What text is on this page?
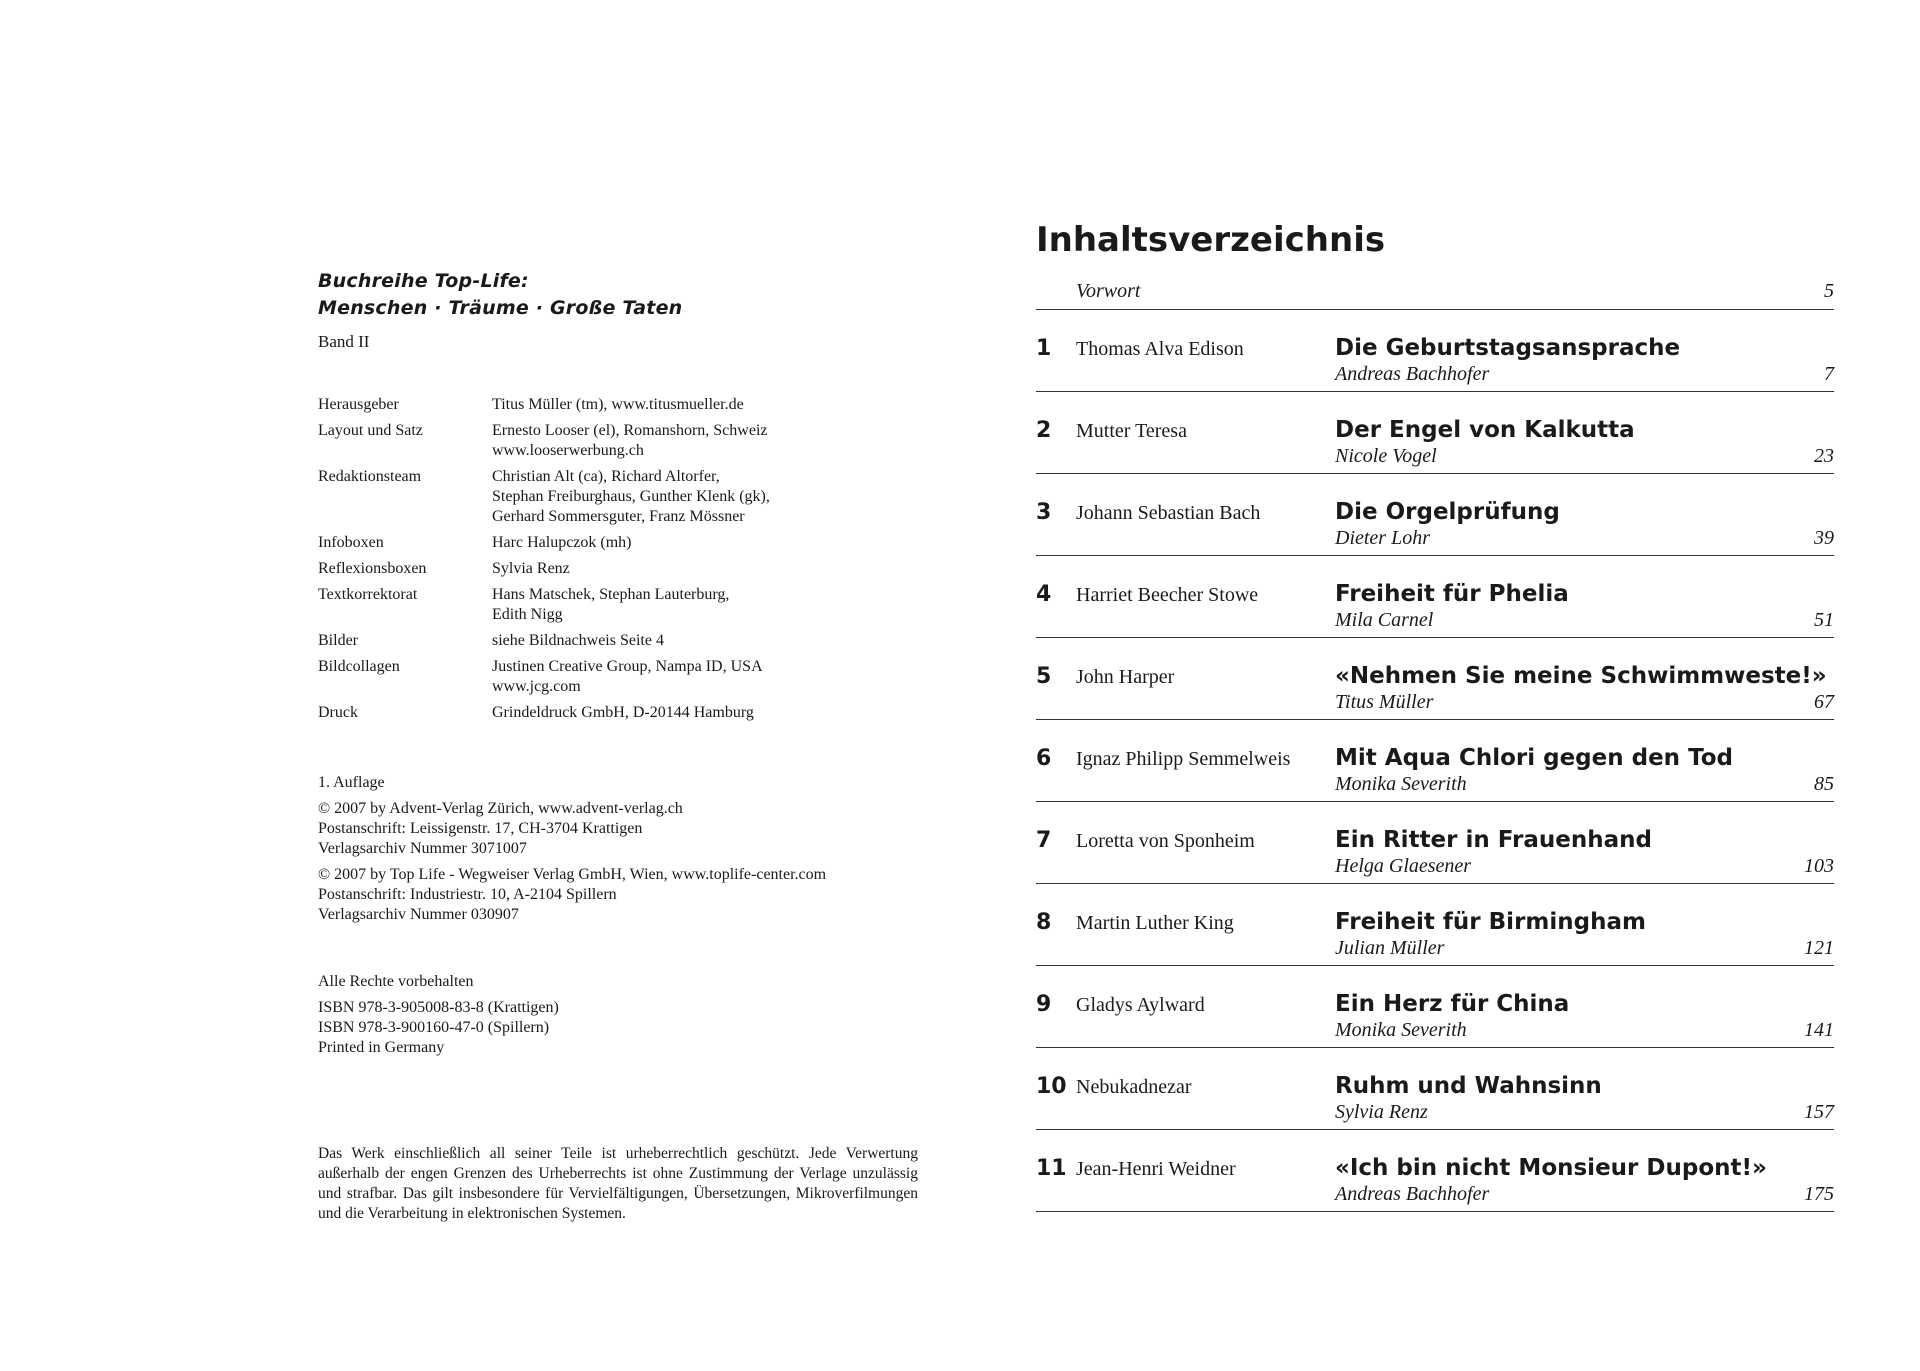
Buchreihe Top-Life:
Menschen · Träume · Große Taten
Band II
Herausgeber	Titus Müller (tm), www.titusmueller.de
Layout und Satz	Ernesto Looser (el), Romanshorn, Schweiz
www.looserwerbung.ch
Redaktionsteam	Christian Alt (ca), Richard Altorfer,
Stephan Freiburghaus, Gunther Klenk (gk),
Gerhard Sommersguter, Franz Mössner
Infoboxen	Harc Halupczok (mh)
Reflexionsboxen	Sylvia Renz
Textkorrektorat	Hans Matschek, Stephan Lauterburg,
Edith Nigg
Bilder	siehe Bildnachweis Seite 4
Bildcollagen	Justinen Creative Group, Nampa ID, USA
www.jcg.com
Druck	Grindeldruck GmbH, D-20144 Hamburg
1. Auflage
© 2007 by Advent-Verlag Zürich, www.advent-verlag.ch
Postanschrift: Leissigenstr. 17, CH-3704 Krattigen
Verlagsarchiv Nummer 3071007
© 2007 by Top Life - Wegweiser Verlag GmbH, Wien, www.toplife-center.com
Postanschrift: Industriestr. 10, A-2104 Spillern
Verlagsarchiv Nummer 030907
Alle Rechte vorbehalten
ISBN 978-3-905008-83-8 (Krattigen)
ISBN 978-3-900160-47-0 (Spillern)
Printed in Germany
Das Werk einschließlich all seiner Teile ist urheberrechtlich geschützt. Jede Verwertung außerhalb der engen Grenzen des Urheberrechts ist ohne Zustimmung der Verlage unzulässig und strafbar. Das gilt insbesondere für Vervielfältigungen, Übersetzungen, Mikroverfilmungen und die Verarbeitung in elektronischen Systemen.
Inhaltsverzeichnis
Vorwort	5
1	Thomas Alva Edison	Die Geburtstagsansprache
Andreas Bachhofer	7
2	Mutter Teresa	Der Engel von Kalkutta
Nicole Vogel	23
3	Johann Sebastian Bach	Die Orgelprüfung
Dieter Lohr	39
4	Harriet Beecher Stowe	Freiheit für Phelia
Mila Carnel	51
5	John Harper	«Nehmen Sie meine Schwimmweste!»
Titus Müller	67
6	Ignaz Philipp Semmelweis	Mit Aqua Chlori gegen den Tod
Monika Severith	85
7	Loretta von Sponheim	Ein Ritter in Frauenhand
Helga Glaesener	103
8	Martin Luther King	Freiheit für Birmingham
Julian Müller	121
9	Gladys Aylward	Ein Herz für China
Monika Severith	141
10 Nebukadnezar	Ruhm und Wahnsinn
Sylvia Renz	157
11 Jean-Henri Weidner	«Ich bin nicht Monsieur Dupont!»
Andreas Bachhofer	175
